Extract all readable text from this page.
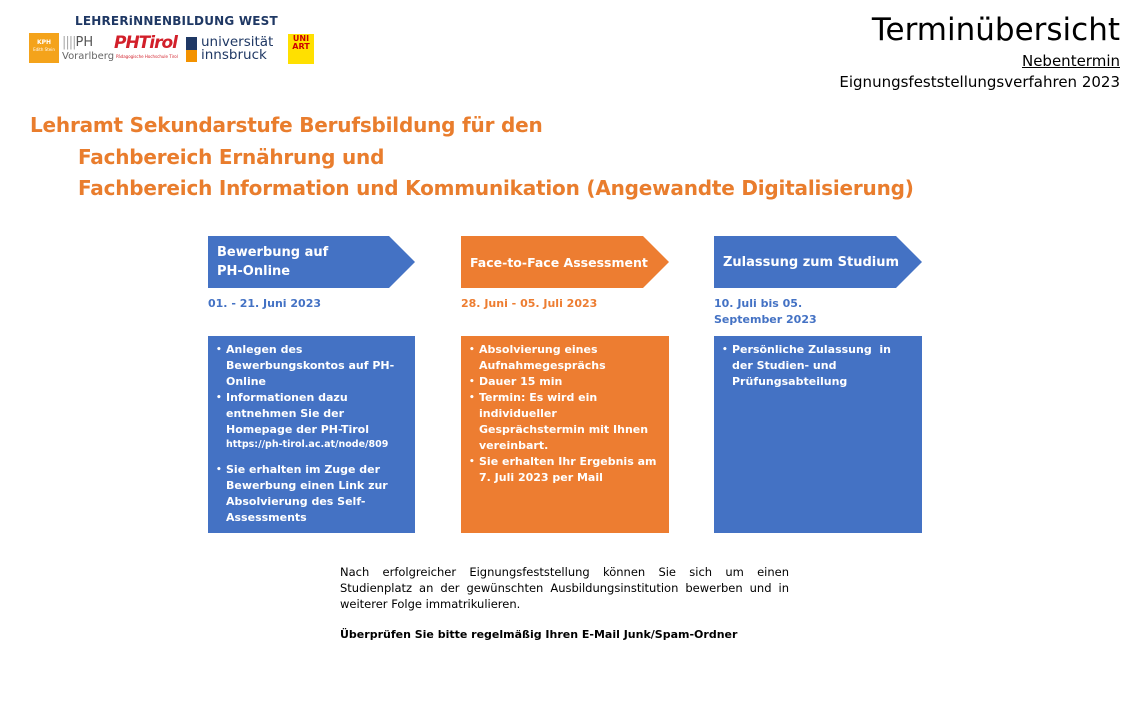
LEHRERiNNENBILDUNG WEST
KPH
Edith Stein ||||PH
Vorarlberg
PHTirol
Pädagogische Hochschule Tirol
universität
innsbruck
UNI ART	Terminübersicht
Nebentermin
Eignungsfeststellungsverfahren 2023
Lehramt Sekundarstufe Berufsbildung für den
Fachbereich Ernährung und
Fachbereich Information und Kommunikation (Angewandte Digitalisierung)
Bewerbung auf
PH-Online
01. - 21. Juni 2023
• Anlegen des Bewerbungskontos auf PH-Online
• Informationen dazu entnehmen Sie der Homepage der PH-Tirol
https://ph-tirol.ac.at/node/809
• Sie erhalten im Zuge der Bewerbung einen Link zur Absolvierung des Self-Assessments
Face-to-Face Assessment
28. Juni - 05. Juli 2023
• Absolvierung eines Aufnahmegesprächs
• Dauer 15 min
• Termin: Es wird ein individueller Gesprächstermin mit Ihnen vereinbart.
• Sie erhalten Ihr Ergebnis am 7. Juli 2023 per Mail
Zulassung zum Studium
10. Juli bis 05. September 2023
• Persönliche Zulassung  in der Studien- und Prüfungsabteilung
Nach erfolgreicher Eignungsfeststellung können Sie sich um einen Studienplatz an der gewünschten Ausbildungsinstitution bewerben und in weiterer Folge immatrikulieren.
Überprüfen Sie bitte regelmäßig Ihren E-Mail Junk/Spam-Ordner
